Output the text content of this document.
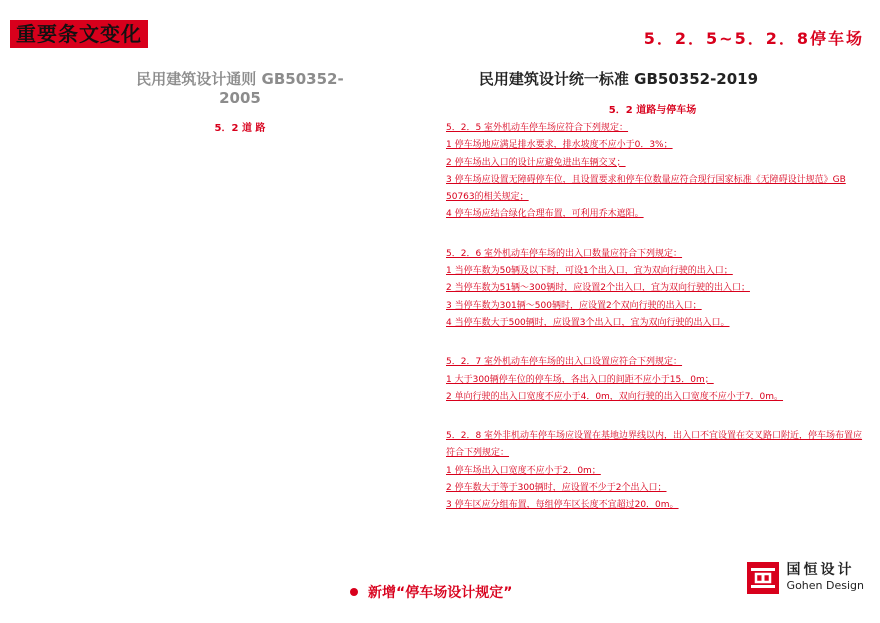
重要条文变化	5．2．5~5．2．8停车场
民用建筑设计通则 GB50352-2005
5．2 道 路
民用建筑设计统一标准 GB50352-2019
5．2 道路与停车场
5．2．5 室外机动车停车场应符合下列规定：
1 停车场地应满足排水要求，排水坡度不应小于0．3%；
2 停车场出入口的设计应避免进出车辆交叉；
3 停车场应设置无障碍停车位，且设置要求和停车位数量应符合现行国家标准《无障碍设计规范》GB 50763的相关规定；
4 停车场应结合绿化合理布置，可利用乔木遮阳。
5．2．6 室外机动车停车场的出入口数量应符合下列规定：
1 当停车数为50辆及以下时，可设1个出入口，宜为双向行驶的出入口；
2 当停车数为51辆～300辆时，应设置2个出入口，宜为双向行驶的出入口；
3 当停车数为301辆～500辆时，应设置2个双向行驶的出入口；
4 当停车数大于500辆时，应设置3个出入口，宜为双向行驶的出入口。
5．2．7 室外机动车停车场的出入口设置应符合下列规定：
1 大于300辆停车位的停车场，各出入口的间距不应小于15．0m；
2 单向行驶的出入口宽度不应小于4．0m，双向行驶的出入口宽度不应小于7．0m。
5．2．8 室外非机动车停车场应设置在基地边界线以内，出入口不宜设置在交叉路口附近，停车场布置应符合下列规定：
1 停车场出入口宽度不应小于2．0m；
2 停车数大于等于300辆时，应设置不少于2个出入口；
3 停车区应分组布置，每组停车区长度不宜超过20．0m。
新增“停车场设计规定”
国恒设计
Gohen Design
